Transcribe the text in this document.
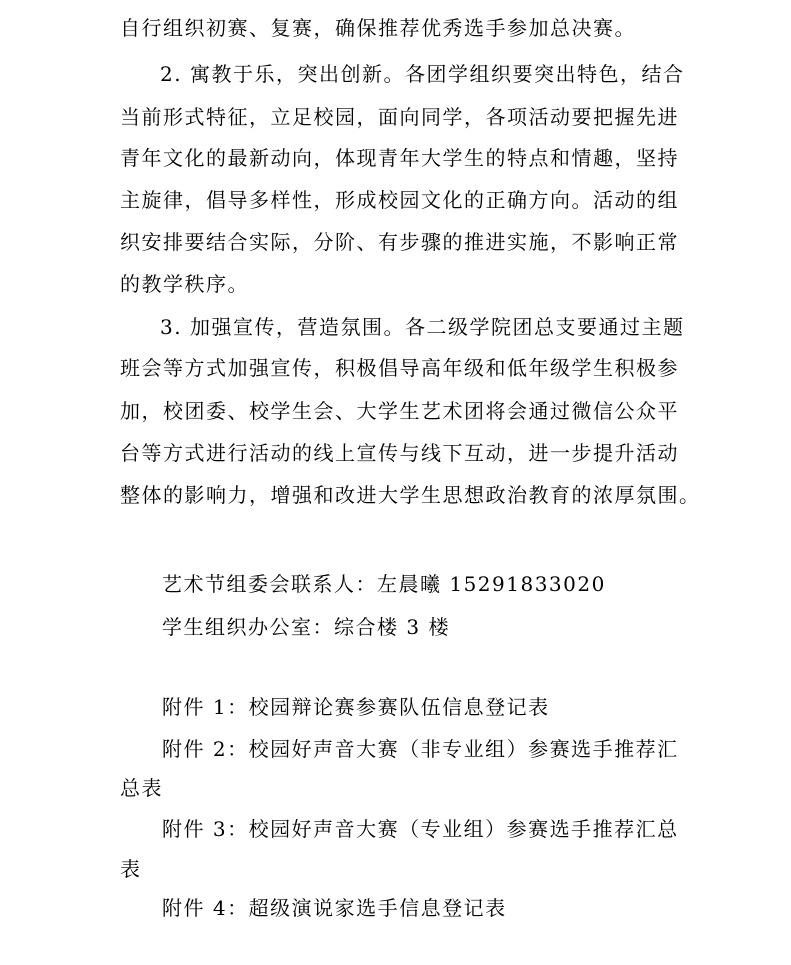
自行组织初赛、复赛，确保推荐优秀选手参加总决赛。
2. 寓教于乐，突出创新。各团学组织要突出特色，结合
当前形式特征，立足校园，面向同学，各项活动要把握先进
青年文化的最新动向，体现青年大学生的特点和情趣，坚持
主旋律，倡导多样性，形成校园文化的正确方向。活动的组
织安排要结合实际，分阶、有步骤的推进实施，不影响正常
的教学秩序。
3. 加强宣传，营造氛围。各二级学院团总支要通过主题
班会等方式加强宣传，积极倡导高年级和低年级学生积极参
加，校团委、校学生会、大学生艺术团将会通过微信公众平
台等方式进行活动的线上宣传与线下互动，进一步提升活动
整体的影响力，增强和改进大学生思想政治教育的浓厚氛围。
艺术节组委会联系人：左晨曦 15291833020
学生组织办公室：综合楼 3 楼
附件 1：校园辩论赛参赛队伍信息登记表
附件 2：校园好声音大赛（非专业组）参赛选手推荐汇
总表
附件 3：校园好声音大赛（专业组）参赛选手推荐汇总
表
附件 4：超级演说家选手信息登记表
